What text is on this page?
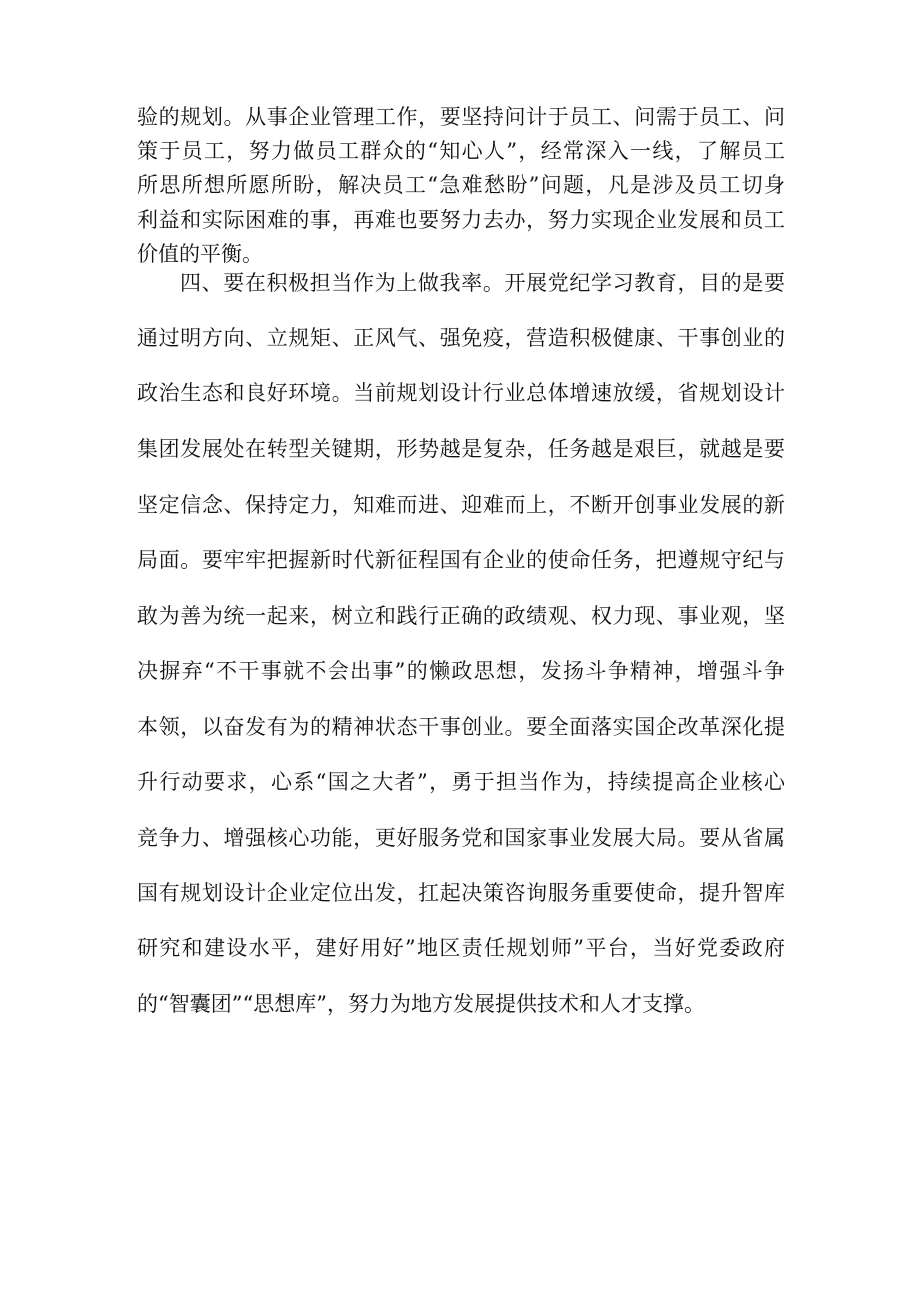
验的规划。从事企业管理工作，要坚持问计于员工、问需于员工、问
策于员工，努力做员工群众的“知心人”，经常深入一线，了解员工
所思所想所愿所盼，解决员工“急难愁盼”问题，凡是涉及员工切身
利益和实际困难的事，再难也要努力去办，努力实现企业发展和员工
价值的平衡。
四、要在积极担当作为上做我率。开展党纪学习教育，目的是要
通过明方向、立规矩、正风气、强免疫，营造积极健康、干事创业的
政治生态和良好环境。当前规划设计行业总体增速放缓，省规划设计
集团发展处在转型关键期，形势越是复杂，任务越是艰巨，就越是要
坚定信念、保持定力，知难而进、迎难而上，不断开创事业发展的新
局面。要牢牢把握新时代新征程国有企业的使命任务，把遵规守纪与
敢为善为统一起来，树立和践行正确的政绩观、权力现、事业观，坚
决摒弃“不干事就不会出事”的懒政思想，发扬斗争精神，增强斗争
本领，以奋发有为的精神状态干事创业。要全面落实国企改革深化提
升行动要求，心系“国之大者”，勇于担当作为，持续提高企业核心
竞争力、增强核心功能，更好服务党和国家事业发展大局。要从省属
国有规划设计企业定位出发，扛起决策咨询服务重要使命，提升智库
研究和建设水平，建好用好”地区责任规划师”平台，当好党委政府
的“智囊团”“思想库”，努力为地方发展提供技术和人才支撑。
